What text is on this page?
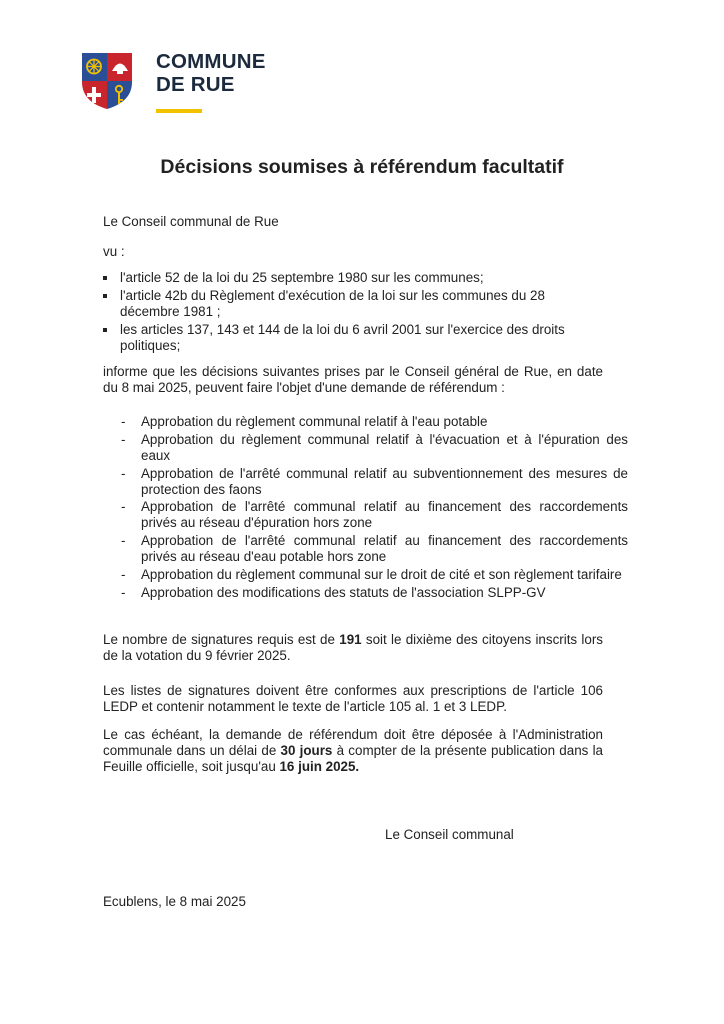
COMMUNE
DE RUE
Décisions soumises à référendum facultatif
Le Conseil communal de Rue
vu :
l'article 52 de la loi du 25 septembre 1980 sur les communes;
l'article 42b du Règlement d'exécution de la loi sur les communes du 28 décembre 1981 ;
les articles 137, 143 et 144 de la loi du 6 avril 2001 sur l'exercice des droits politiques;
informe que les décisions suivantes prises par le Conseil général de Rue, en date du 8 mai 2025, peuvent faire l'objet d'une demande de référendum :
- Approbation du règlement communal relatif à l'eau potable
- Approbation du règlement communal relatif à l'évacuation et à l'épuration des eaux
- Approbation de l'arrêté communal relatif au subventionnement des mesures de protection des faons
- Approbation de l'arrêté communal relatif au financement des raccordements privés au réseau d'épuration hors zone
- Approbation de l'arrêté communal relatif au financement des raccordements privés au réseau d'eau potable hors zone
- Approbation du règlement communal sur le droit de cité et son règlement tarifaire
- Approbation des modifications des statuts de l'association SLPP-GV
Le nombre de signatures requis est de 191 soit le dixième des citoyens inscrits lors de la votation du 9 février 2025.
Les listes de signatures doivent être conformes aux prescriptions de l'article 106 LEDP et contenir notamment le texte de l'article 105 al. 1 et 3 LEDP.
Le cas échéant, la demande de référendum doit être déposée à l'Administration communale dans un délai de 30 jours à compter de la présente publication dans la Feuille officielle, soit jusqu'au 16 juin 2025.
Le Conseil communal
Ecublens, le 8 mai 2025
